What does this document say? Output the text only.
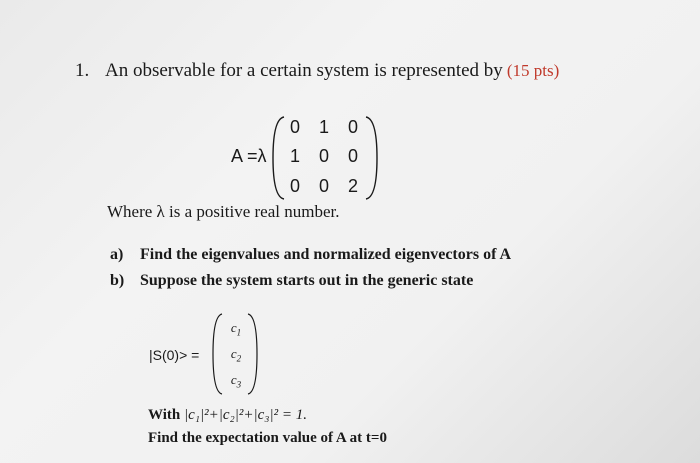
1. An observable for a certain system is represented by (15 pts)
A =λ
0	1	0
1	0	0
0	0	2
Where λ is a positive real number.
a) Find the eigenvalues and normalized eigenvectors of A
b) Suppose the system starts out in the generic state
|S(0)> =
$c_1$
$c_2$
$c_3$
With |c₁|²+|c₂|²+|c₃|² = 1.
Find the expectation value of A at t=0
